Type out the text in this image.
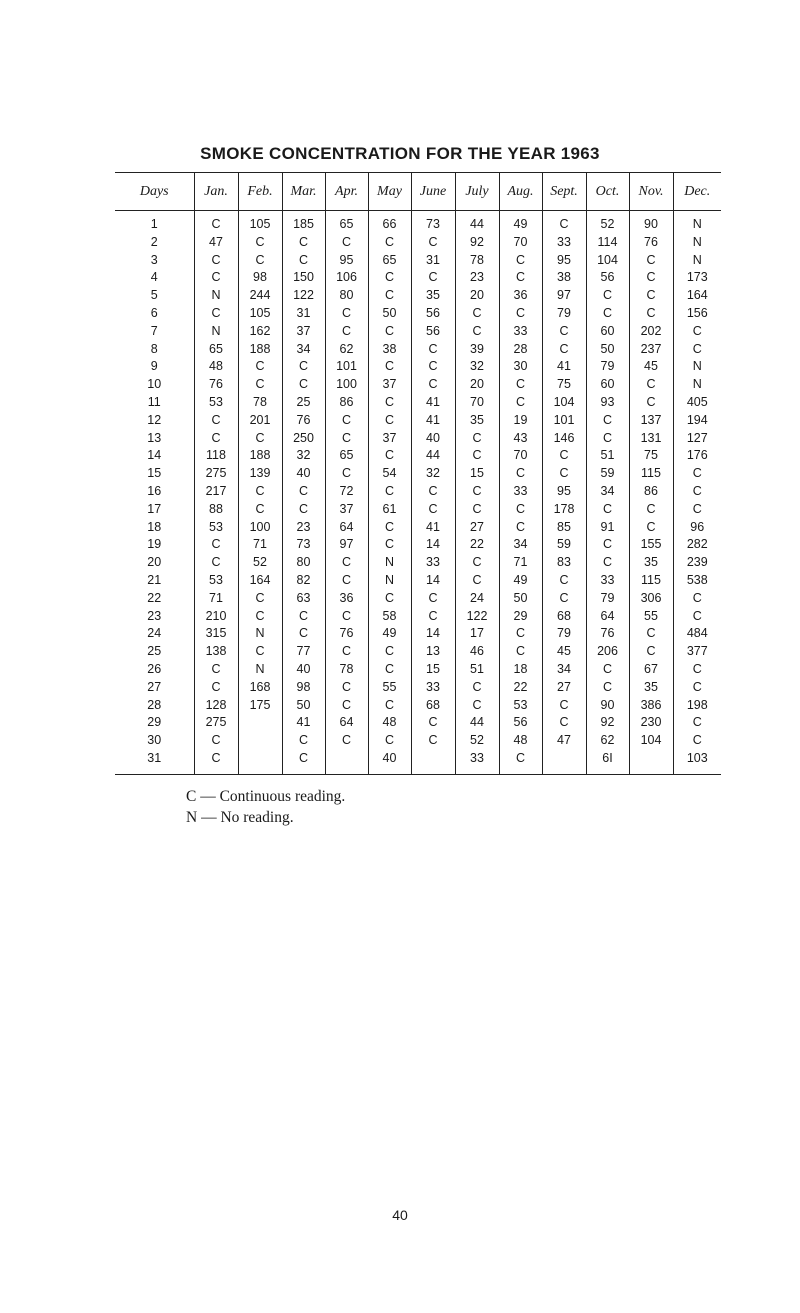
SMOKE CONCENTRATION FOR THE YEAR 1963
Days	Jan.	Feb.	Mar.	Apr.	May	June	July	Aug.	Sept.	Oct.	Nov.	Dec.
1	C	105	185	65	66	73	44	49	C	52	90	N
2	47	C	C	C	C	C	92	70	33	114	76	N
3	C	C	C	95	65	31	78	C	95	104	C	N
4	C	98	150	106	C	C	23	C	38	56	C	173
5	N	244	122	80	C	35	20	36	97	C	C	164
6	C	105	31	C	50	56	C	C	79	C	C	156
7	N	162	37	C	C	56	C	33	C	60	202	C
8	65	188	34	62	38	C	39	28	C	50	237	C
9	48	C	C	101	C	C	32	30	41	79	45	N
10	76	C	C	100	37	C	20	C	75	60	C	N
11	53	78	25	86	C	41	70	C	104	93	C	405
12	C	201	76	C	C	41	35	19	101	C	137	194
13	C	C	250	C	37	40	C	43	146	C	131	127
14	118	188	32	65	C	44	C	70	C	51	75	176
15	275	139	40	C	54	32	15	C	C	59	115	C
16	217	C	C	72	C	C	C	33	95	34	86	C
17	88	C	C	37	61	C	C	C	178	C	C	C
18	53	100	23	64	C	41	27	C	85	91	C	96
19	C	71	73	97	C	14	22	34	59	C	155	282
20	C	52	80	C	N	33	C	71	83	C	35	239
21	53	164	82	C	N	14	C	49	C	33	115	538
22	71	C	63	36	C	C	24	50	C	79	306	C
23	210	C	C	C	58	C	122	29	68	64	55	C
24	315	N	C	76	49	14	17	C	79	76	C	484
25	138	C	77	C	C	13	46	C	45	206	C	377
26	C	N	40	78	C	15	51	18	34	C	67	C
27	C	168	98	C	55	33	C	22	27	C	35	C
28	128	175	50	C	C	68	C	53	C	90	386	198
29	275		41	64	48	C	44	56	C	92	230	C
30	C		C	C	C	C	52	48	47	62	104	C
31	C		C		40		33	C		6I		103
C — Continuous reading.
N — No reading.
40
